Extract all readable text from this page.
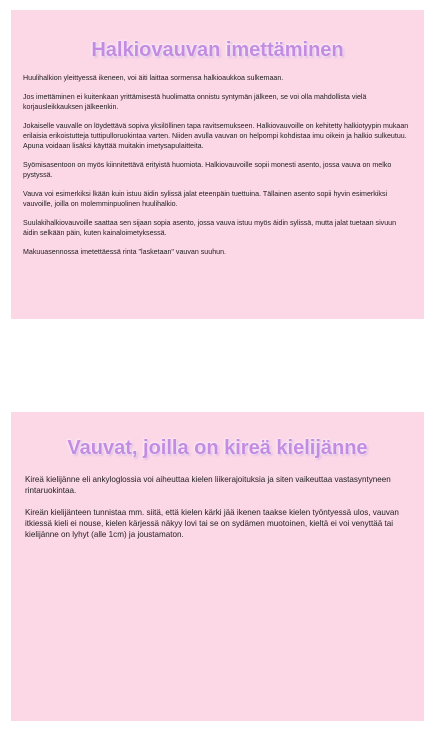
Halkiovauvan imettäminen

Huulihalkion yleittyessä ikeneen, voi äiti laittaa sormensa halkioaukkoa sulkemaan.

Jos imettäminen ei kuitenkaan yrittämisestä huolimatta onnistu syntymän jälkeen, se voi olla mahdollista vielä korjausleikkauksen jälkeenkin.

Jokaiselle vauvalle on löydettävä sopiva yksilöllinen tapa ravitsemukseen. Halkiovauvoille on kehitetty halkiotyypin mukaan erilaisia erikoistutteja tuttipulloruokintaa varten. Niiden avulla vauvan on helpompi kohdistaa imu oikein ja halkio sulkeutuu. Apuna voidaan lisäksi käyttää muitakin imetysapulaitteita.

Syömisasentoon on myös kiinnitettävä erityistä huomiota. Halkiovauvoille sopii monesti asento, jossa vauva on melko pystyssä.

Vauva voi esimerkiksi lkään kuin istuu äidin sylissä jalat eteenpäin tuettuina. Tällainen asento sopii hyvin esimerkiksi vauvoille, joilla on molemminpuolinen huulihalkio.

Suulakihalkiovauvoille saattaa sen sijaan sopia asento, jossa vauva istuu myös äidin sylissä, mutta jalat tuetaan sivuun äidin selkään päin, kuten kainaloimetyksessä.

Makuuasennossa imetettäessä rinta "lasketaan" vauvan suuhun.

Vauvat, joilla on kireä kielijänne

Kireä kielijänne eli ankyloglossia voi aiheuttaa kielen liikerajoituksia ja siten vaikeuttaa vastasyntyneen rintaruokintaa.

Kireän kielijänteen tunnistaa mm. siitä, että kielen kärki jää ikenen taakse kielen työntyessä ulos, vauvan itkiessä kieli ei nouse, kielen kärjessä näkyy lovi tai se on sydämen muotoinen, kieltä ei voi venyttää tai kielijänne on lyhyt (alle 1cm) ja joustamaton.
